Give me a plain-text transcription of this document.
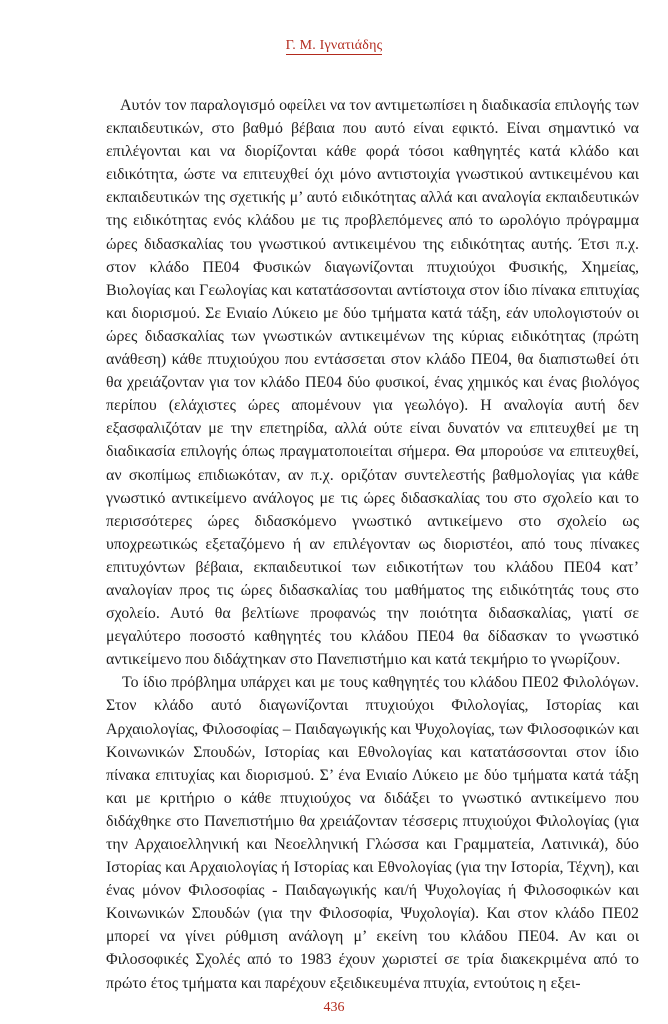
Γ. Μ. Ιγνατιάδης

Αυτόν τον παραλογισμό οφείλει να τον αντιμετωπίσει η διαδικασία επιλογής των εκπαιδευτικών, στο βαθμό βέβαια που αυτό είναι εφικτό. Είναι σημαντικό να επιλέγονται και να διορίζονται κάθε φορά τόσοι καθηγητές κατά κλάδο και ειδικότητα, ώστε να επιτευχθεί όχι μόνο αντιστοιχία γνωστικού αντικειμένου και εκπαιδευτικών της σχετικής μ’ αυτό ειδικότητας αλλά και αναλογία εκπαιδευτικών της ειδικότητας ενός κλάδου με τις προβλεπόμενες από το ωρολόγιο πρόγραμμα ώρες διδασκαλίας του γνωστικού αντικειμένου της ειδικότητας αυτής. Έτσι π.χ. στον κλάδο ΠΕ04 Φυσικών διαγωνίζονται πτυχιούχοι Φυσικής, Χημείας, Βιολογίας και Γεωλογίας και κατατάσσονται αντίστοιχα στον ίδιο πίνακα επιτυχίας και διορισμού. Σε Ενιαίο Λύκειο με δύο τμήματα κατά τάξη, εάν υπολογιστούν οι ώρες διδασκαλίας των γνωστικών αντικειμένων της κύριας ειδικότητας (πρώτη ανάθεση) κάθε πτυχιούχου που εντάσσεται στον κλάδο ΠΕ04, θα διαπιστωθεί ότι θα χρειάζονταν για τον κλάδο ΠΕ04 δύο φυσικοί, ένας χημικός και ένας βιολόγος περίπου (ελάχιστες ώρες απομένουν για γεωλόγο). Η αναλογία αυτή δεν εξασφαλιζόταν με την επετηρίδα, αλλά ούτε είναι δυνατόν να επιτευχθεί με τη διαδικασία επιλογής όπως πραγματοποιείται σήμερα. Θα μπορούσε να επιτευχθεί, αν σκοπίμως επιδιωκόταν, αν π.χ. οριζόταν συντελεστής βαθμολογίας για κάθε γνωστικό αντικείμενο ανάλογος με τις ώρες διδασκαλίας του στο σχολείο και το περισσότερες ώρες διδασκόμενο γνωστικό αντικείμενο στο σχολείο ως υποχρεωτικώς εξεταζόμενο ή αν επιλέγονταν ως διοριστέοι, από τους πίνακες επιτυχόντων βέβαια, εκπαιδευτικοί των ειδικοτήτων του κλάδου ΠΕ04 κατ’ αναλογίαν προς τις ώρες διδασκαλίας του μαθήματος της ειδικότητάς τους στο σχολείο. Αυτό θα βελτίωνε προφανώς την ποιότητα διδασκαλίας, γιατί σε μεγαλύτερο ποσοστό καθηγητές του κλάδου ΠΕ04 θα δίδασκαν το γνωστικό αντικείμενο που διδάχτηκαν στο Πανεπιστήμιο και κατά τεκμήριο το γνωρίζουν.

Το ίδιο πρόβλημα υπάρχει και με τους καθηγητές του κλάδου ΠΕ02 Φιλολόγων. Στον κλάδο αυτό διαγωνίζονται πτυχιούχοι Φιλολογίας, Ιστορίας και Αρχαιολογίας, Φιλοσοφίας – Παιδαγωγικής και Ψυχολογίας, των Φιλοσοφικών και Κοινωνικών Σπουδών, Ιστορίας και Εθνολογίας και κατατάσσονται στον ίδιο πίνακα επιτυχίας και διορισμού. Σ’ ένα Ενιαίο Λύκειο με δύο τμήματα κατά τάξη και με κριτήριο ο κάθε πτυχιούχος να διδάξει το γνωστικό αντικείμενο που διδάχθηκε στο Πανεπιστήμιο θα χρειάζονταν τέσσερις πτυχιούχοι Φιλολογίας (για την Αρχαιοελληνική και Νεοελληνική Γλώσσα και Γραμματεία, Λατινικά), δύο Ιστορίας και Αρχαιολογίας ή Ιστορίας και Εθνολογίας (για την Ιστορία, Τέχνη), και ένας μόνον Φιλοσοφίας - Παιδαγωγικής και/ή Ψυχολογίας ή Φιλοσοφικών και Κοινωνικών Σπουδών (για την Φιλοσοφία, Ψυχολογία). Και στον κλάδο ΠΕ02 μπορεί να γίνει ρύθμιση ανάλογη μ’ εκείνη του κλάδου ΠΕ04. Αν και οι Φιλοσοφικές Σχολές από το 1983 έχουν χωριστεί σε τρία διακεκριμένα από το πρώτο έτος τμήματα και παρέχουν εξειδικευμένα πτυχία, εντούτοις η εξει-

436
